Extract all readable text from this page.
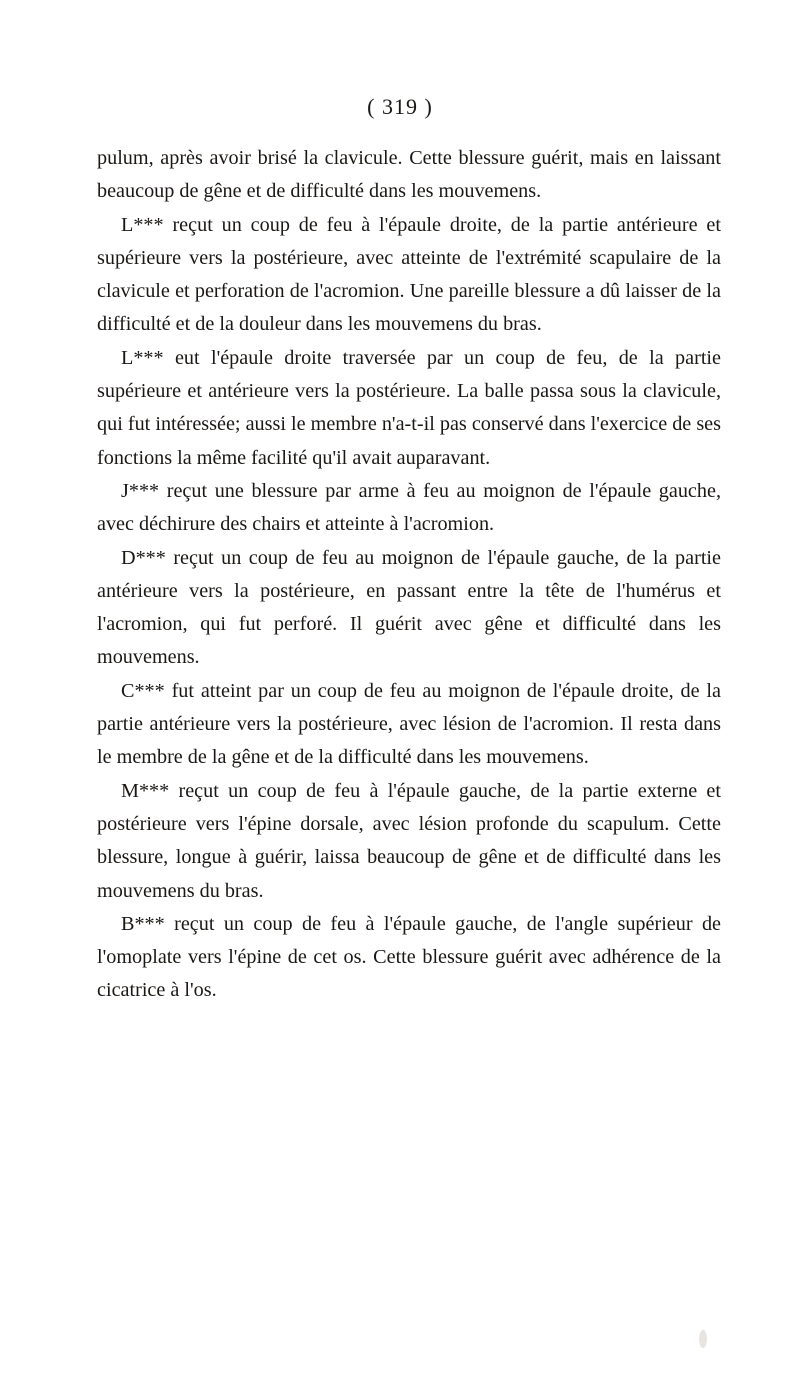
( 319 )

pulum, après avoir brisé la clavicule. Cette blessure guérit, mais en laissant beaucoup de gêne et de difficulté dans les mouvemens.

L*** reçut un coup de feu à l'épaule droite, de la partie antérieure et supérieure vers la postérieure, avec atteinte de l'extrémité scapulaire de la clavicule et perforation de l'acromion. Une pareille blessure a dû laisser de la difficulté et de la douleur dans les mouvemens du bras.

L*** eut l'épaule droite traversée par un coup de feu, de la partie supérieure et antérieure vers la postérieure. La balle passa sous la clavicule, qui fut intéressée; aussi le membre n'a-t-il pas conservé dans l'exercice de ses fonctions la même facilité qu'il avait auparavant.

J*** reçut une blessure par arme à feu au moignon de l'épaule gauche, avec déchirure des chairs et atteinte à l'acromion.

D*** reçut un coup de feu au moignon de l'épaule gauche, de la partie antérieure vers la postérieure, en passant entre la tête de l'humérus et l'acromion, qui fut perforé. Il guérit avec gêne et difficulté dans les mouvemens.

C*** fut atteint par un coup de feu au moignon de l'épaule droite, de la partie antérieure vers la postérieure, avec lésion de l'acromion. Il resta dans le membre de la gêne et de la difficulté dans les mouvemens.

M*** reçut un coup de feu à l'épaule gauche, de la partie externe et postérieure vers l'épine dorsale, avec lésion profonde du scapulum. Cette blessure, longue à guérir, laissa beaucoup de gêne et de difficulté dans les mouvemens du bras.

B*** reçut un coup de feu à l'épaule gauche, de l'angle supérieur de l'omoplate vers l'épine de cet os. Cette blessure guérit avec adhérence de la cicatrice à l'os.
